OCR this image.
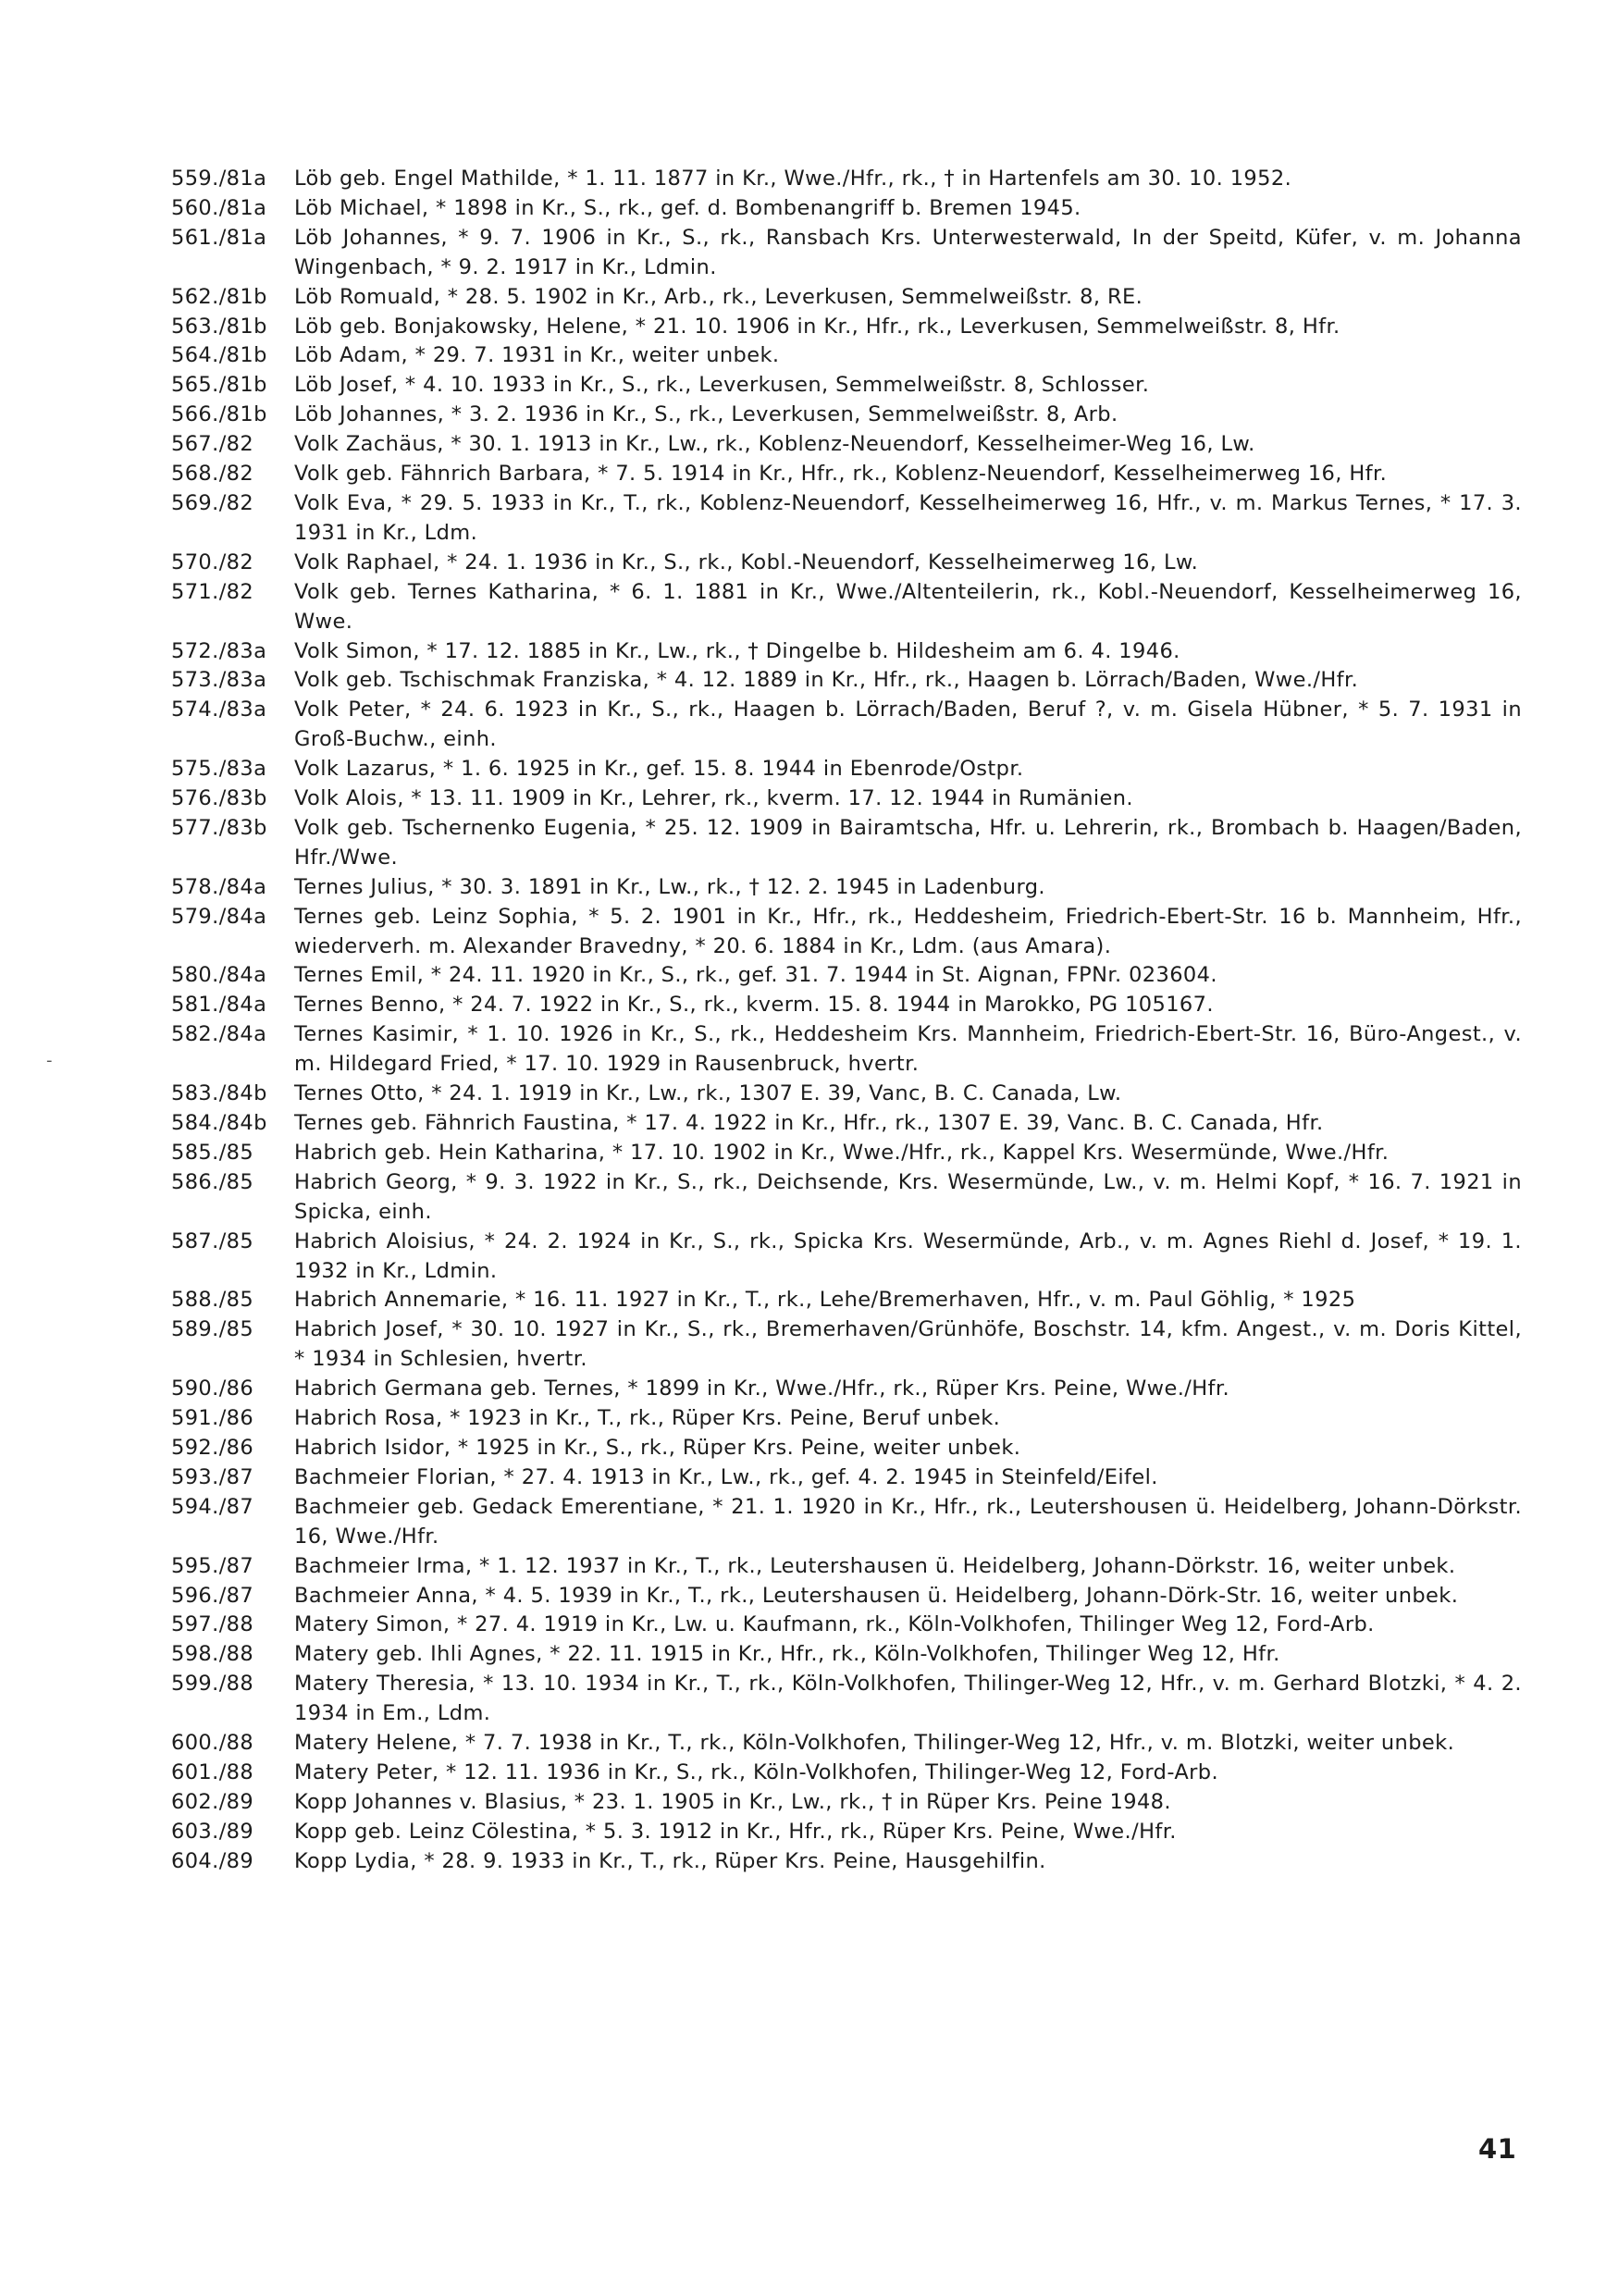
-
559./81a	Löb geb. Engel Mathilde, * 1. 11. 1877 in Kr., Wwe./Hfr., rk., † in Hartenfels am 30. 10. 1952.
560./81a	Löb Michael, * 1898 in Kr., S., rk., gef. d. Bombenangriff b. Bremen 1945.
561./81a	Löb Johannes, * 9. 7. 1906 in Kr., S., rk., Ransbach Krs. Unterwesterwald, In der Speitd, Küfer, v. m. Johanna Wingenbach, * 9. 2. 1917 in Kr., Ldmin.
562./81b	Löb Romuald, * 28. 5. 1902 in Kr., Arb., rk., Leverkusen, Semmelweißstr. 8, RE.
563./81b	Löb geb. Bonjakowsky, Helene, * 21. 10. 1906 in Kr., Hfr., rk., Leverkusen, Semmelweißstr. 8, Hfr.
564./81b	Löb Adam, * 29. 7. 1931 in Kr., weiter unbek.
565./81b	Löb Josef, * 4. 10. 1933 in Kr., S., rk., Leverkusen, Semmelweißstr. 8, Schlosser.
566./81b	Löb Johannes, * 3. 2. 1936 in Kr., S., rk., Leverkusen, Semmelweißstr. 8, Arb.
567./82	Volk Zachäus, * 30. 1. 1913 in Kr., Lw., rk., Koblenz-Neuendorf, Kesselheimer-Weg 16, Lw.
568./82	Volk geb. Fähnrich Barbara, * 7. 5. 1914 in Kr., Hfr., rk., Koblenz-Neuendorf, Kesselheimerweg 16, Hfr.
569./82	Volk Eva, * 29. 5. 1933 in Kr., T., rk., Koblenz-Neuendorf, Kesselheimerweg 16, Hfr., v. m. Markus Ternes, * 17. 3. 1931 in Kr., Ldm.
570./82	Volk Raphael, * 24. 1. 1936 in Kr., S., rk., Kobl.-Neuendorf, Kesselheimerweg 16, Lw.
571./82	Volk geb. Ternes Katharina, * 6. 1. 1881 in Kr., Wwe./Altenteilerin, rk., Kobl.-Neuendorf, Kesselheimerweg 16, Wwe.
572./83a	Volk Simon, * 17. 12. 1885 in Kr., Lw., rk., † Dingelbe b. Hildesheim am 6. 4. 1946.
573./83a	Volk geb. Tschischmak Franziska, * 4. 12. 1889 in Kr., Hfr., rk., Haagen b. Lörrach/Baden, Wwe./Hfr.
574./83a	Volk Peter, * 24. 6. 1923 in Kr., S., rk., Haagen b. Lörrach/Baden, Beruf ?, v. m. Gisela Hübner, * 5. 7. 1931 in Groß-Buchw., einh.
575./83a	Volk Lazarus, * 1. 6. 1925 in Kr., gef. 15. 8. 1944 in Ebenrode/Ostpr.
576./83b	Volk Alois, * 13. 11. 1909 in Kr., Lehrer, rk., kverm. 17. 12. 1944 in Rumänien.
577./83b	Volk geb. Tschernenko Eugenia, * 25. 12. 1909 in Bairamtscha, Hfr. u. Lehrerin, rk., Brombach b. Haagen/Baden, Hfr./Wwe.
578./84a	Ternes Julius, * 30. 3. 1891 in Kr., Lw., rk., † 12. 2. 1945 in Ladenburg.
579./84a	Ternes geb. Leinz Sophia, * 5. 2. 1901 in Kr., Hfr., rk., Heddesheim, Friedrich-Ebert-Str. 16 b. Mannheim, Hfr., wiederverh. m. Alexander Bravedny, * 20. 6. 1884 in Kr., Ldm. (aus Amara).
580./84a	Ternes Emil, * 24. 11. 1920 in Kr., S., rk., gef. 31. 7. 1944 in St. Aignan, FPNr. 023604.
581./84a	Ternes Benno, * 24. 7. 1922 in Kr., S., rk., kverm. 15. 8. 1944 in Marokko, PG 105167.
582./84a	Ternes Kasimir, * 1. 10. 1926 in Kr., S., rk., Heddesheim Krs. Mannheim, Friedrich-Ebert-Str. 16, Büro-Angest., v. m. Hildegard Fried, * 17. 10. 1929 in Rausenbruck, hvertr.
583./84b	Ternes Otto, * 24. 1. 1919 in Kr., Lw., rk., 1307 E. 39, Vanc, B. C. Canada, Lw.
584./84b	Ternes geb. Fähnrich Faustina, * 17. 4. 1922 in Kr., Hfr., rk., 1307 E. 39, Vanc. B. C. Canada, Hfr.
585./85	Habrich geb. Hein Katharina, * 17. 10. 1902 in Kr., Wwe./Hfr., rk., Kappel Krs. Wesermünde, Wwe./Hfr.
586./85	Habrich Georg, * 9. 3. 1922 in Kr., S., rk., Deichsende, Krs. Wesermünde, Lw., v. m. Helmi Kopf, * 16. 7. 1921 in Spicka, einh.
587./85	Habrich Aloisius, * 24. 2. 1924 in Kr., S., rk., Spicka Krs. Wesermünde, Arb., v. m. Agnes Riehl d. Josef, * 19. 1. 1932 in Kr., Ldmin.
588./85	Habrich Annemarie, * 16. 11. 1927 in Kr., T., rk., Lehe/Bremerhaven, Hfr., v. m. Paul Göhlig, * 1925
589./85	Habrich Josef, * 30. 10. 1927 in Kr., S., rk., Bremerhaven/Grünhöfe, Boschstr. 14, kfm. Angest., v. m. Doris Kittel, * 1934 in Schlesien, hvertr.
590./86	Habrich Germana geb. Ternes, * 1899 in Kr., Wwe./Hfr., rk., Rüper Krs. Peine, Wwe./Hfr.
591./86	Habrich Rosa, * 1923 in Kr., T., rk., Rüper Krs. Peine, Beruf unbek.
592./86	Habrich Isidor, * 1925 in Kr., S., rk., Rüper Krs. Peine, weiter unbek.
593./87	Bachmeier Florian, * 27. 4. 1913 in Kr., Lw., rk., gef. 4. 2. 1945 in Steinfeld/Eifel.
594./87	Bachmeier geb. Gedack Emerentiane, * 21. 1. 1920 in Kr., Hfr., rk., Leutershousen ü. Heidelberg, Johann-Dörkstr. 16, Wwe./Hfr.
595./87	Bachmeier Irma, * 1. 12. 1937 in Kr., T., rk., Leutershausen ü. Heidelberg, Johann-Dörkstr. 16, weiter unbek.
596./87	Bachmeier Anna, * 4. 5. 1939 in Kr., T., rk., Leutershausen ü. Heidelberg, Johann-Dörk-Str. 16, weiter unbek.
597./88	Matery Simon, * 27. 4. 1919 in Kr., Lw. u. Kaufmann, rk., Köln-Volkhofen, Thilinger Weg 12, Ford-Arb.
598./88	Matery geb. Ihli Agnes, * 22. 11. 1915 in Kr., Hfr., rk., Köln-Volkhofen, Thilinger Weg 12, Hfr.
599./88	Matery Theresia, * 13. 10. 1934 in Kr., T., rk., Köln-Volkhofen, Thilinger-Weg 12, Hfr., v. m. Gerhard Blotzki, * 4. 2. 1934 in Em., Ldm.
600./88	Matery Helene, * 7. 7. 1938 in Kr., T., rk., Köln-Volkhofen, Thilinger-Weg 12, Hfr., v. m. Blotzki, weiter unbek.
601./88	Matery Peter, * 12. 11. 1936 in Kr., S., rk., Köln-Volkhofen, Thilinger-Weg 12, Ford-Arb.
602./89	Kopp Johannes v. Blasius, * 23. 1. 1905 in Kr., Lw., rk., † in Rüper Krs. Peine 1948.
603./89	Kopp geb. Leinz Cölestina, * 5. 3. 1912 in Kr., Hfr., rk., Rüper Krs. Peine, Wwe./Hfr.
604./89	Kopp Lydia, * 28. 9. 1933 in Kr., T., rk., Rüper Krs. Peine, Hausgehilfin.
41
